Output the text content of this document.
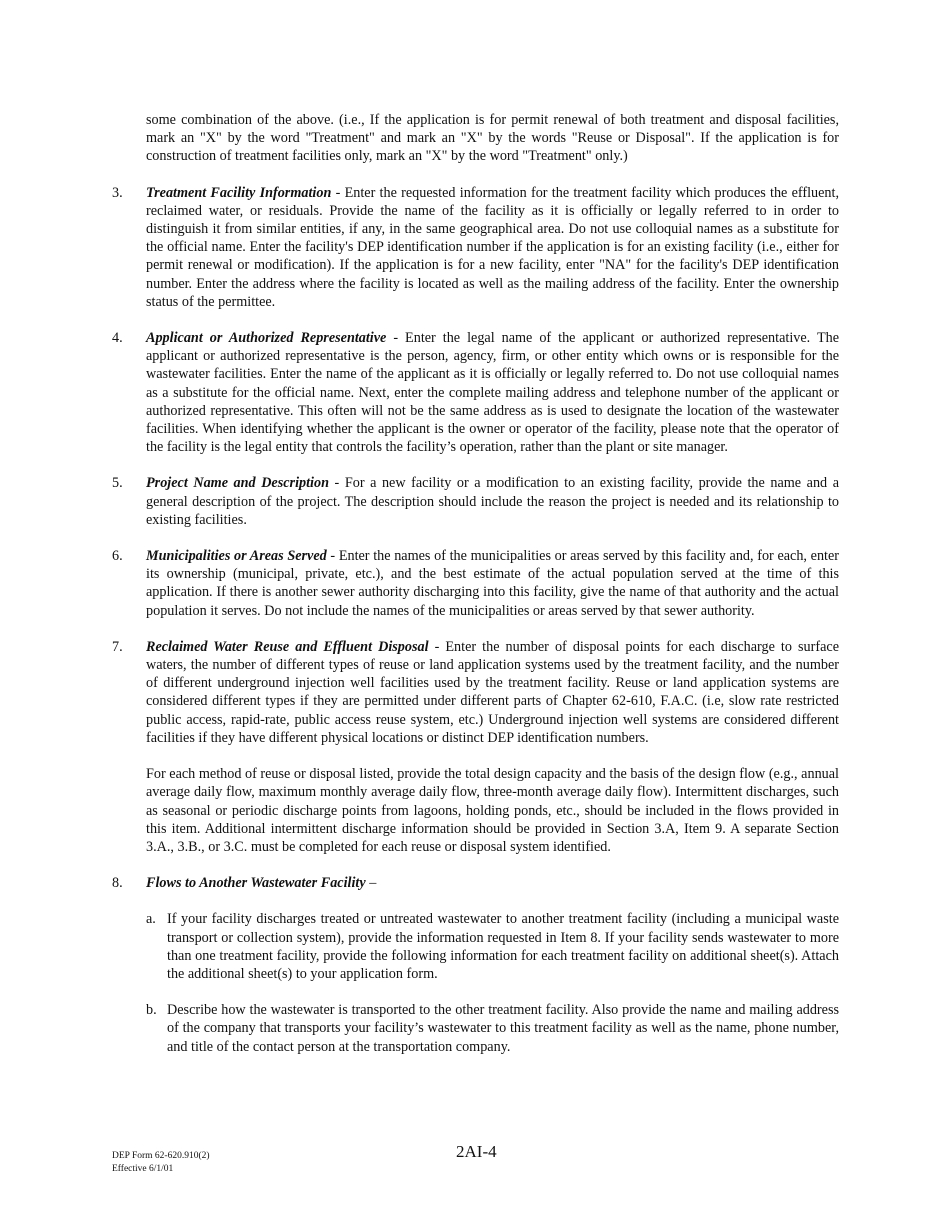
some combination of the above. (i.e., If the application is for permit renewal of both treatment and disposal facilities, mark an "X" by the word "Treatment" and mark an "X" by the words "Reuse or Disposal". If the application is for construction of treatment facilities only, mark an "X" by the word "Treatment" only.)

3. Treatment Facility Information - Enter the requested information for the treatment facility which produces the effluent, reclaimed water, or residuals. Provide the name of the facility as it is officially or legally referred to in order to distinguish it from similar entities, if any, in the same geographical area. Do not use colloquial names as a substitute for the official name. Enter the facility's DEP identification number if the application is for an existing facility (i.e., either for permit renewal or modification). If the application is for a new facility, enter "NA" for the facility's DEP identification number. Enter the address where the facility is located as well as the mailing address of the facility. Enter the ownership status of the permittee.

4. Applicant or Authorized Representative - Enter the legal name of the applicant or authorized representative. The applicant or authorized representative is the person, agency, firm, or other entity which owns or is responsible for the wastewater facilities. Enter the name of the applicant as it is officially or legally referred to. Do not use colloquial names as a substitute for the official name. Next, enter the complete mailing address and telephone number of the applicant or authorized representative. This often will not be the same address as is used to designate the location of the wastewater facilities. When identifying whether the applicant is the owner or operator of the facility, please note that the operator of the facility is the legal entity that controls the facility’s operation, rather than the plant or site manager.

5. Project Name and Description - For a new facility or a modification to an existing facility, provide the name and a general description of the project. The description should include the reason the project is needed and its relationship to existing facilities.

6. Municipalities or Areas Served - Enter the names of the municipalities or areas served by this facility and, for each, enter its ownership (municipal, private, etc.), and the best estimate of the actual population served at the time of this application. If there is another sewer authority discharging into this facility, give the name of that authority and the actual population it serves. Do not include the names of the municipalities or areas served by that sewer authority.

7. Reclaimed Water Reuse and Effluent Disposal - Enter the number of disposal points for each discharge to surface waters, the number of different types of reuse or land application systems used by the treatment facility, and the number of different underground injection well facilities used by the treatment facility. Reuse or land application systems are considered different types if they are permitted under different parts of Chapter 62-610, F.A.C. (i.e, slow rate restricted public access, rapid-rate, public access reuse system, etc.) Underground injection well systems are considered different facilities if they have different physical locations or distinct DEP identification numbers.

For each method of reuse or disposal listed, provide the total design capacity and the basis of the design flow (e.g., annual average daily flow, maximum monthly average daily flow, three-month average daily flow). Intermittent discharges, such as seasonal or periodic discharge points from lagoons, holding ponds, etc., should be included in the flows provided in this item. Additional intermittent discharge information should be provided in Section 3.A, Item 9. A separate Section 3.A., 3.B., or 3.C. must be completed for each reuse or disposal system identified.

8. Flows to Another Wastewater Facility –

a. If your facility discharges treated or untreated wastewater to another treatment facility (including a municipal waste transport or collection system), provide the information requested in Item 8. If your facility sends wastewater to more than one treatment facility, provide the following information for each treatment facility on additional sheet(s). Attach the additional sheet(s) to your application form.

b. Describe how the wastewater is transported to the other treatment facility. Also provide the name and mailing address of the company that transports your facility’s wastewater to this treatment facility as well as the name, phone number, and title of the contact person at the transportation company.

DEP Form 62-620.910(2)
Effective 6/1/01
2AI-4
